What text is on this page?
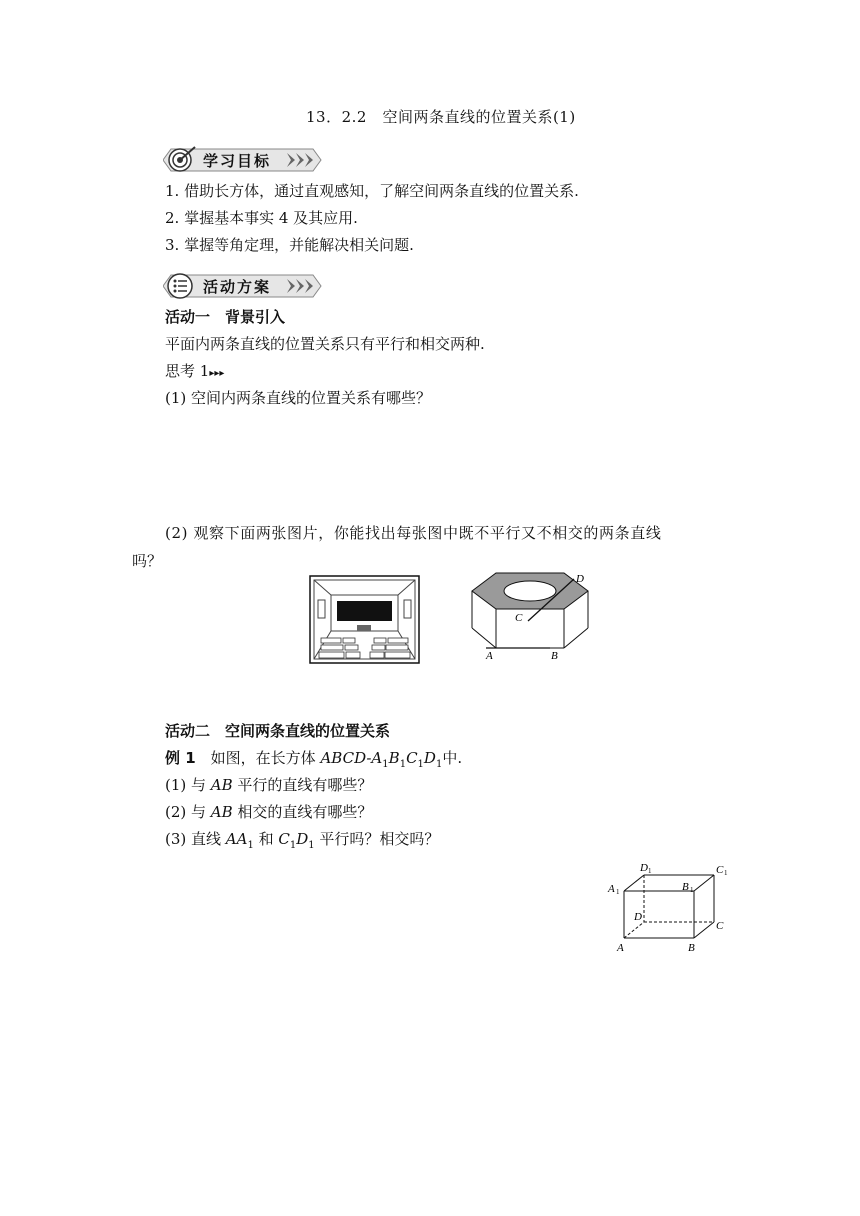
13．2.2　空间两条直线的位置关系(1)
学习目标
1. 借助长方体，通过直观感知，了解空间两条直线的位置关系.
2. 掌握基本事实 4 及其应用.
3. 掌握等角定理，并能解决相关问题.
活动方案
活动一　背景引入
平面内两条直线的位置关系只有平行和相交两种.
思考 1▸▸▸
(1) 空间内两条直线的位置关系有哪些？
(2) 观察下面两张图片，你能找出每张图中既不平行又不相交的两条直线
吗？
D
C
A	B
活动二　空间两条直线的位置关系
例 1  如图，在长方体 ABCD-$A_1B_1C_1D_1$中.
(1) 与 AB 平行的直线有哪些？
(2) 与 AB 相交的直线有哪些？
(3) 直线 $AA_1$ 和 $C_1D_1$ 平行吗？相交吗？
D 1	C 1
A 1	B 1
D
C
A	B
